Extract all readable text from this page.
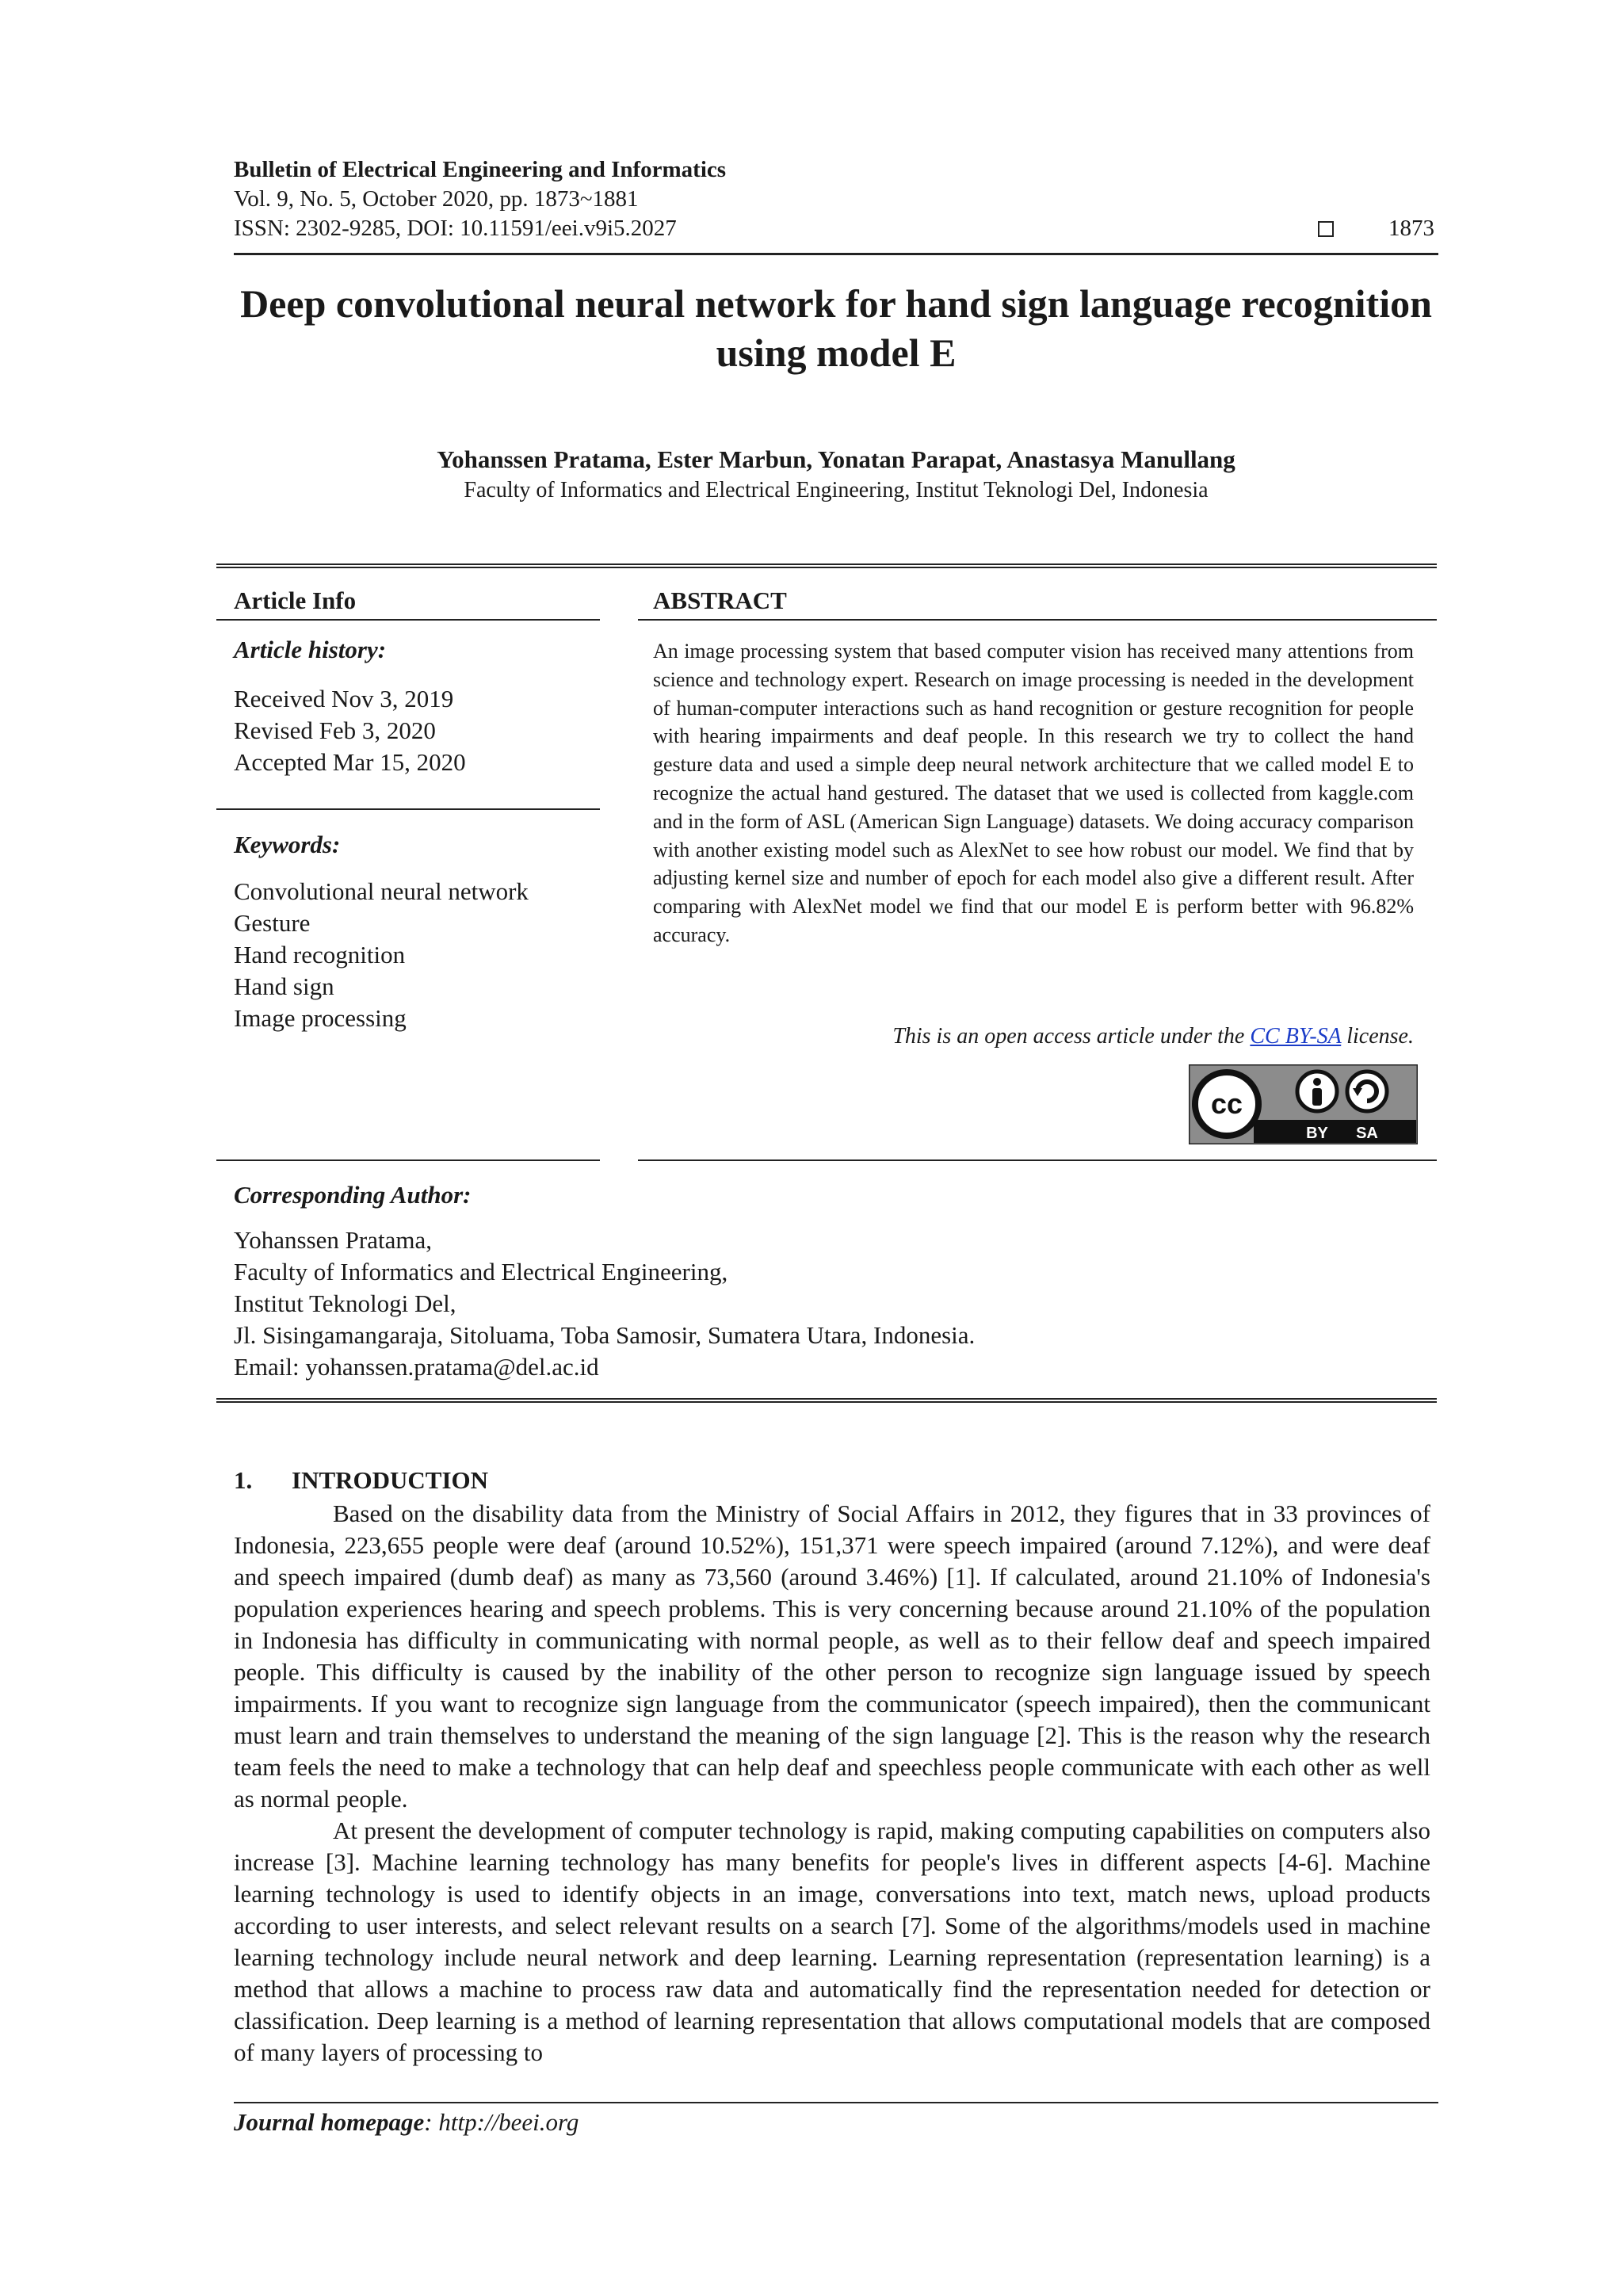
Bulletin of Electrical Engineering and Informatics
Vol. 9, No. 5, October 2020, pp. 1873~1881
ISSN: 2302-9285, DOI: 10.11591/eei.v9i5.2027	1873
Deep convolutional neural network for hand sign language recognition using model E
Yohanssen Pratama, Ester Marbun, Yonatan Parapat, Anastasya Manullang
Faculty of Informatics and Electrical Engineering, Institut Teknologi Del, Indonesia
Article Info
Article history:
Received Nov 3, 2019
Revised Feb 3, 2020
Accepted Mar 15, 2020
Keywords:
Convolutional neural network
Gesture
Hand recognition
Hand sign
Image processing
ABSTRACT
An image processing system that based computer vision has received many attentions from science and technology expert. Research on image processing is needed in the development of human-computer interactions such as hand recognition or gesture recognition for people with hearing impairments and deaf people. In this research we try to collect the hand gesture data and used a simple deep neural network architecture that we called model E to recognize the actual hand gestured. The dataset that we used is collected from kaggle.com and in the form of ASL (American Sign Language) datasets. We doing accuracy comparison with another existing model such as AlexNet to see how robust our model. We find that by adjusting kernel size and number of epoch for each model also give a different result. After comparing with AlexNet model we find that our model E is perform better with 96.82% accuracy.
This is an open access article under the CC BY-SA license.
cc
BY SA
Corresponding Author:
Yohanssen Pratama,
Faculty of Informatics and Electrical Engineering,
Institut Teknologi Del,
Jl. Sisingamangaraja, Sitoluama, Toba Samosir, Sumatera Utara, Indonesia.
Email: yohanssen.pratama@del.ac.id
1. INTRODUCTION

Based on the disability data from the Ministry of Social Affairs in 2012, they figures that in 33 provinces of Indonesia, 223,655 people were deaf (around 10.52%), 151,371 were speech impaired (around 7.12%), and were deaf and speech impaired (dumb deaf) as many as 73,560 (around 3.46%) [1]. If calculated, around 21.10% of Indonesia's population experiences hearing and speech problems. This is very concerning because around 21.10% of the population in Indonesia has difficulty in communicating with normal people, as well as to their fellow deaf and speech impaired people. This difficulty is caused by the inability of the other person to recognize sign language issued by speech impairments. If you want to recognize sign language from the communicator (speech impaired), then the communicant must learn and train themselves to understand the meaning of the sign language [2]. This is the reason why the research team feels the need to make a technology that can help deaf and speechless people communicate with each other as well as normal people.

At present the development of computer technology is rapid, making computing capabilities on computers also increase [3]. Machine learning technology has many benefits for people's lives in different aspects [4-6]. Machine learning technology is used to identify objects in an image, conversations into text, match news, upload products according to user interests, and select relevant results on a search [7]. Some of the algorithms/models used in machine learning technology include neural network and deep learning. Learning representation (representation learning) is a method that allows a machine to process raw data and automatically find the representation needed for detection or classification. Deep learning is a method of learning representation that allows computational models that are composed of many layers of processing to

Journal homepage: http://beei.org
